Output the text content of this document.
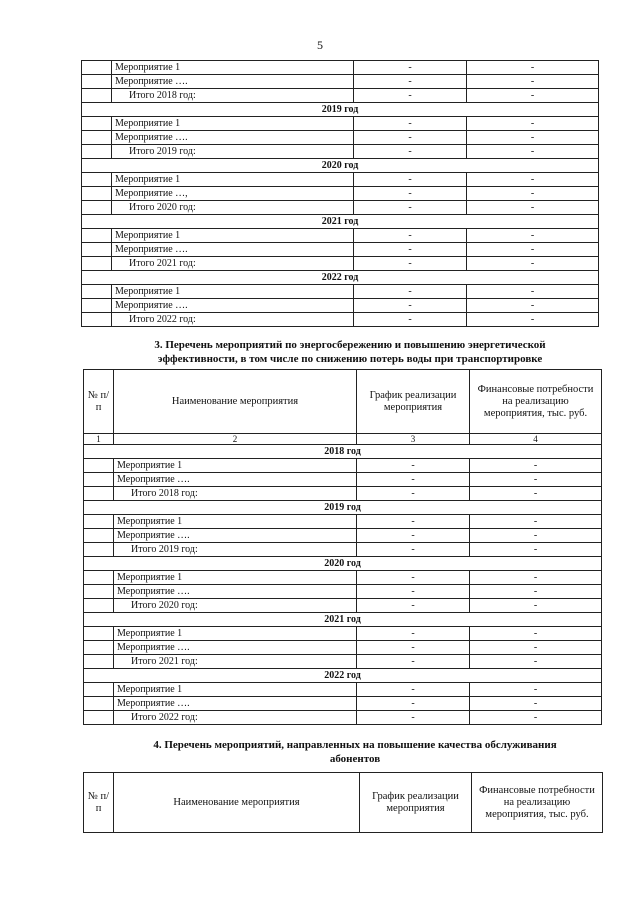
5
	Мероприятие 1	-	-
	Мероприятие ….	-	-
	Итого 2018 год:	-	-
2019 год			
	Мероприятие 1	-	-
	Мероприятие ….	-	-
	Итого 2019 год:	-	-
2020 год			
	Мероприятие 1	-	-
	Мероприятие …,	-	-
	Итого 2020 год:	-	-
2021 год			
	Мероприятие 1	-	-
	Мероприятие ….	-	-
	Итого 2021 год:	-	-
2022 год			
	Мероприятие 1	-	-
	Мероприятие ….	-	-
	Итого 2022 год:	-	-
3. Перечень мероприятий по энергосбережению и повышению энергетической
эффективности, в том числе по снижению потерь воды при транспортировке
№ п/п	Наименование мероприятия	График реализации мероприятия	Финансовые потребности на реализацию мероприятия, тыс. руб.
1	2	3	4
2018 год			
	Мероприятие 1	-	-
	Мероприятие ….	-	-
	Итого 2018 год:	-	-
2019 год			
	Мероприятие 1	-	-
	Мероприятие ….	-	-
	Итого 2019 год:	-	-
2020 год			
	Мероприятие 1	-	-
	Мероприятие ….	-	-
	Итого 2020 год:	-	-
2021 год			
	Мероприятие 1	-	-
	Мероприятие ….	-	-
	Итого 2021 год:	-	-
2022 год			
	Мероприятие 1	-	-
	Мероприятие ….	-	-
	Итого 2022 год:	-	-
4. Перечень мероприятий, направленных на повышение качества обслуживания
абонентов
№ п/п	Наименование мероприятия	График реализации мероприятия	Финансовые потребности на реализацию мероприятия, тыс. руб.
